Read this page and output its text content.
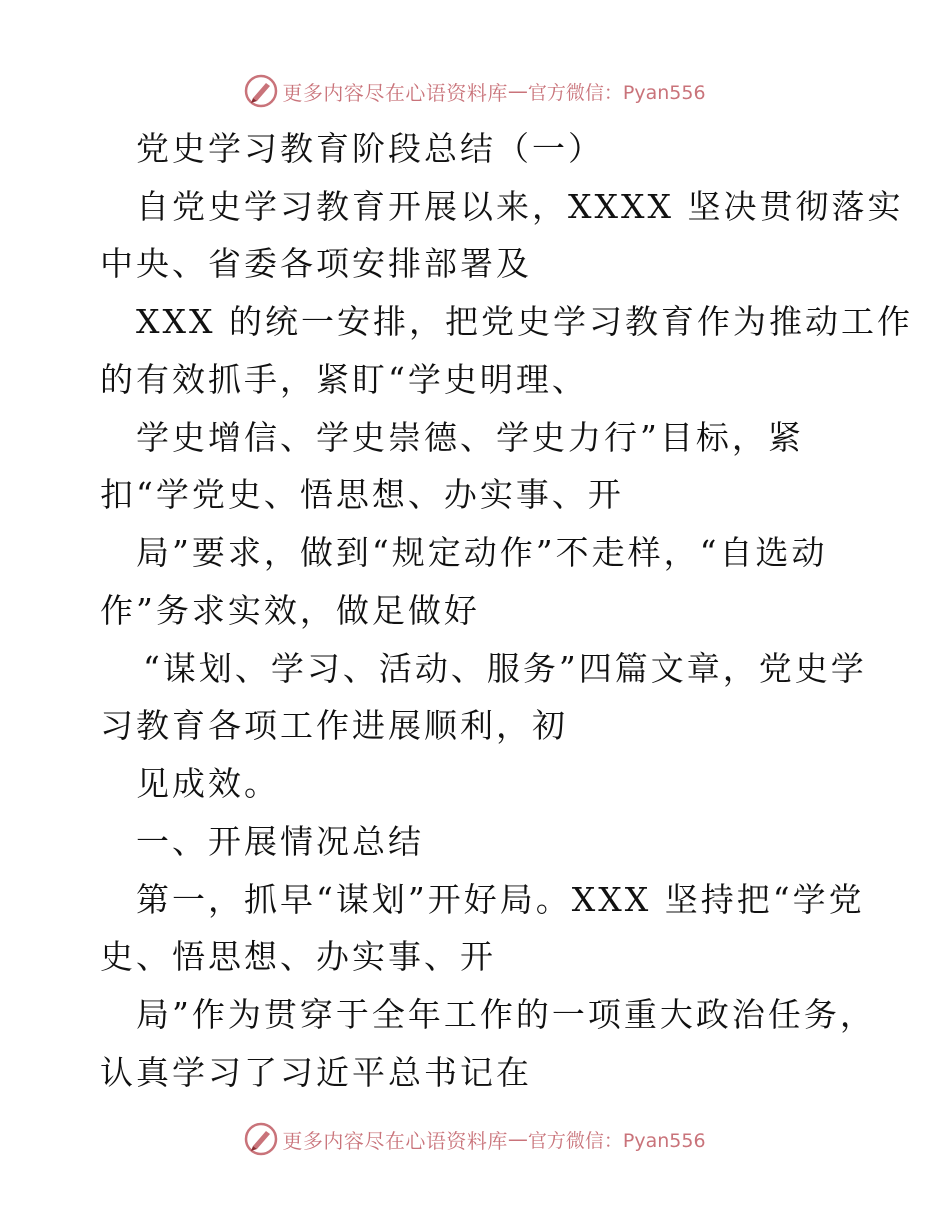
更多内容尽在心语资料库 — 官方微信：Pyan556
党史学习教育阶段总结（一）
自党史学习教育开展以来，XXXX 坚决贯彻落实
中央、省委各项安排部署及
XXX 的统一安排，把党史学习教育作为推动工作
的有效抓手，紧盯“学史明理、
学史增信、学史崇德、学史力行”目标，紧
扣“学党史、悟思想、办实事、开
局”要求，做到“规定动作”不走样，“自选动
作”务求实效，做足做好
“谋划、学习、活动、服务”四篇文章，党史学
习教育各项工作进展顺利，初
见成效。
一、开展情况总结
第一，抓早“谋划”开好局。XXX 坚持把“学党
史、悟思想、办实事、开
局”作为贯穿于全年工作的一项重大政治任务，
认真学习了习近平总书记在
更多内容尽在心语资料库 — 官方微信：Pyan556
